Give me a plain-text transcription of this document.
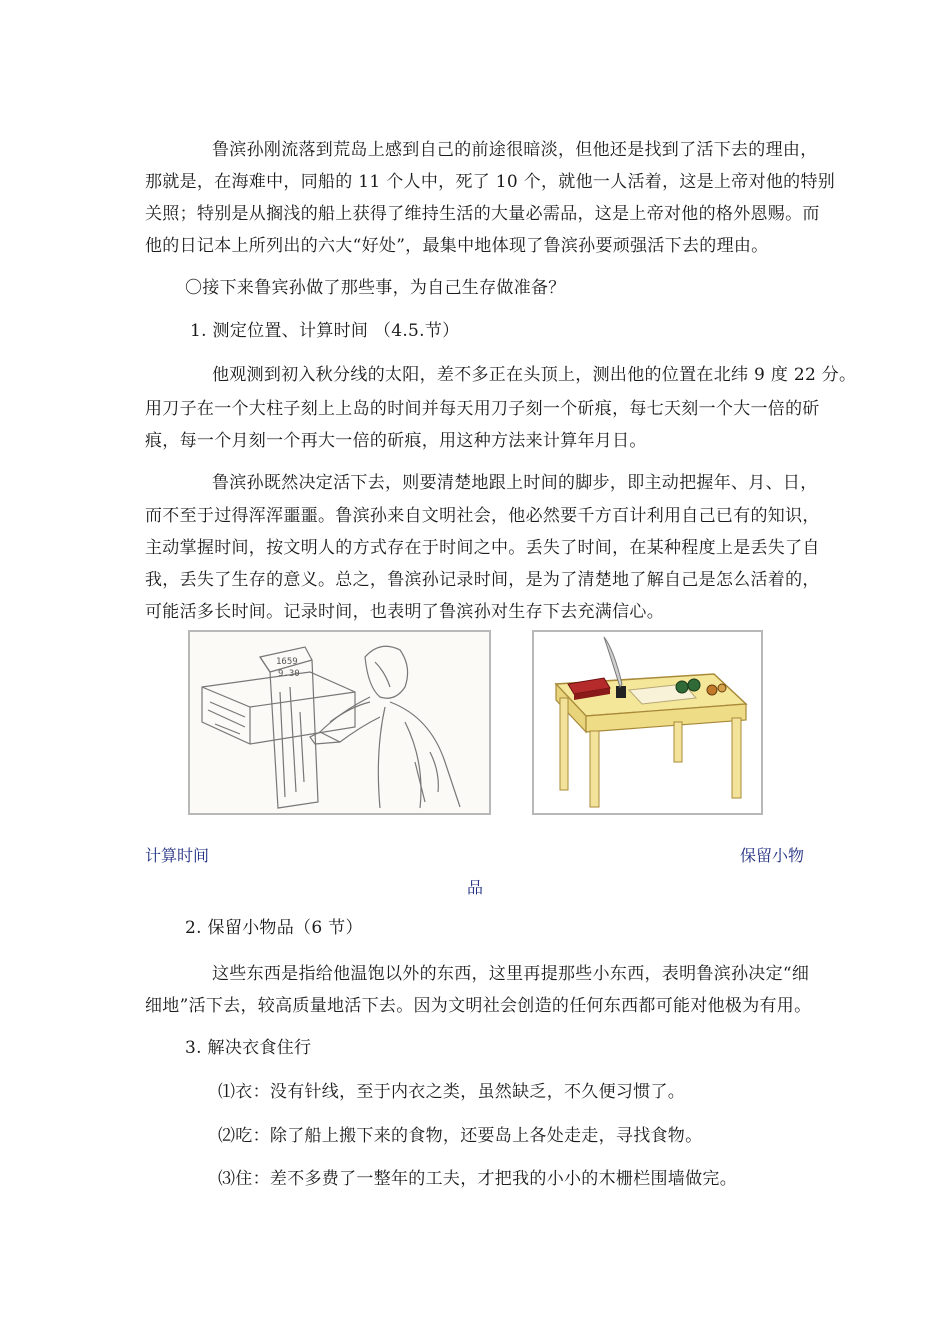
鲁滨孙刚流落到荒岛上感到自己的前途很暗淡，但他还是找到了活下去的理由，
那就是，在海难中，同船的 11 个人中，死了 10 个，就他一人活着，这是上帝对他的特别
关照；特别是从搁浅的船上获得了维持生活的大量必需品，这是上帝对他的格外恩赐。而
他的日记本上所列出的六大“好处”，最集中地体现了鲁滨孙要顽强活下去的理由。
〇接下来鲁宾孙做了那些事，为自己生存做准备？
1. 测定位置、计算时间 （4.5.节）
他观测到初入秋分线的太阳，差不多正在头顶上，测出他的位置在北纬 9 度 22 分。
用刀子在一个大柱子刻上上岛的时间并每天用刀子刻一个斫痕，每七天刻一个大一倍的斫
痕，每一个月刻一个再大一倍的斫痕，用这种方法来计算年月日。
鲁滨孙既然决定活下去，则要清楚地跟上时间的脚步，即主动把握年、月、日，
而不至于过得浑浑噩噩。鲁滨孙来自文明社会，他必然要千方百计利用自己已有的知识，
主动掌握时间，按文明人的方式存在于时间之中。丢失了时间，在某种程度上是丢失了自
我，丢失了生存的意义。总之，鲁滨孙记录时间，是为了清楚地了解自己是怎么活着的，
可能活多长时间。记录时间，也表明了鲁滨孙对生存下去充满信心。
1659
9.30
计算时间	保留小物
品
2. 保留小物品（6 节）
这些东西是指给他温饱以外的东西，这里再提那些小东西，表明鲁滨孙决定“细
细地”活下去，较高质量地活下去。因为文明社会创造的任何东西都可能对他极为有用。
3. 解决衣食住行
⑴衣：没有针线，至于内衣之类，虽然缺乏，不久便习惯了。
⑵吃：除了船上搬下来的食物，还要岛上各处走走，寻找食物。
⑶住：差不多费了一整年的工夫，才把我的小小的木栅栏围墙做完。
